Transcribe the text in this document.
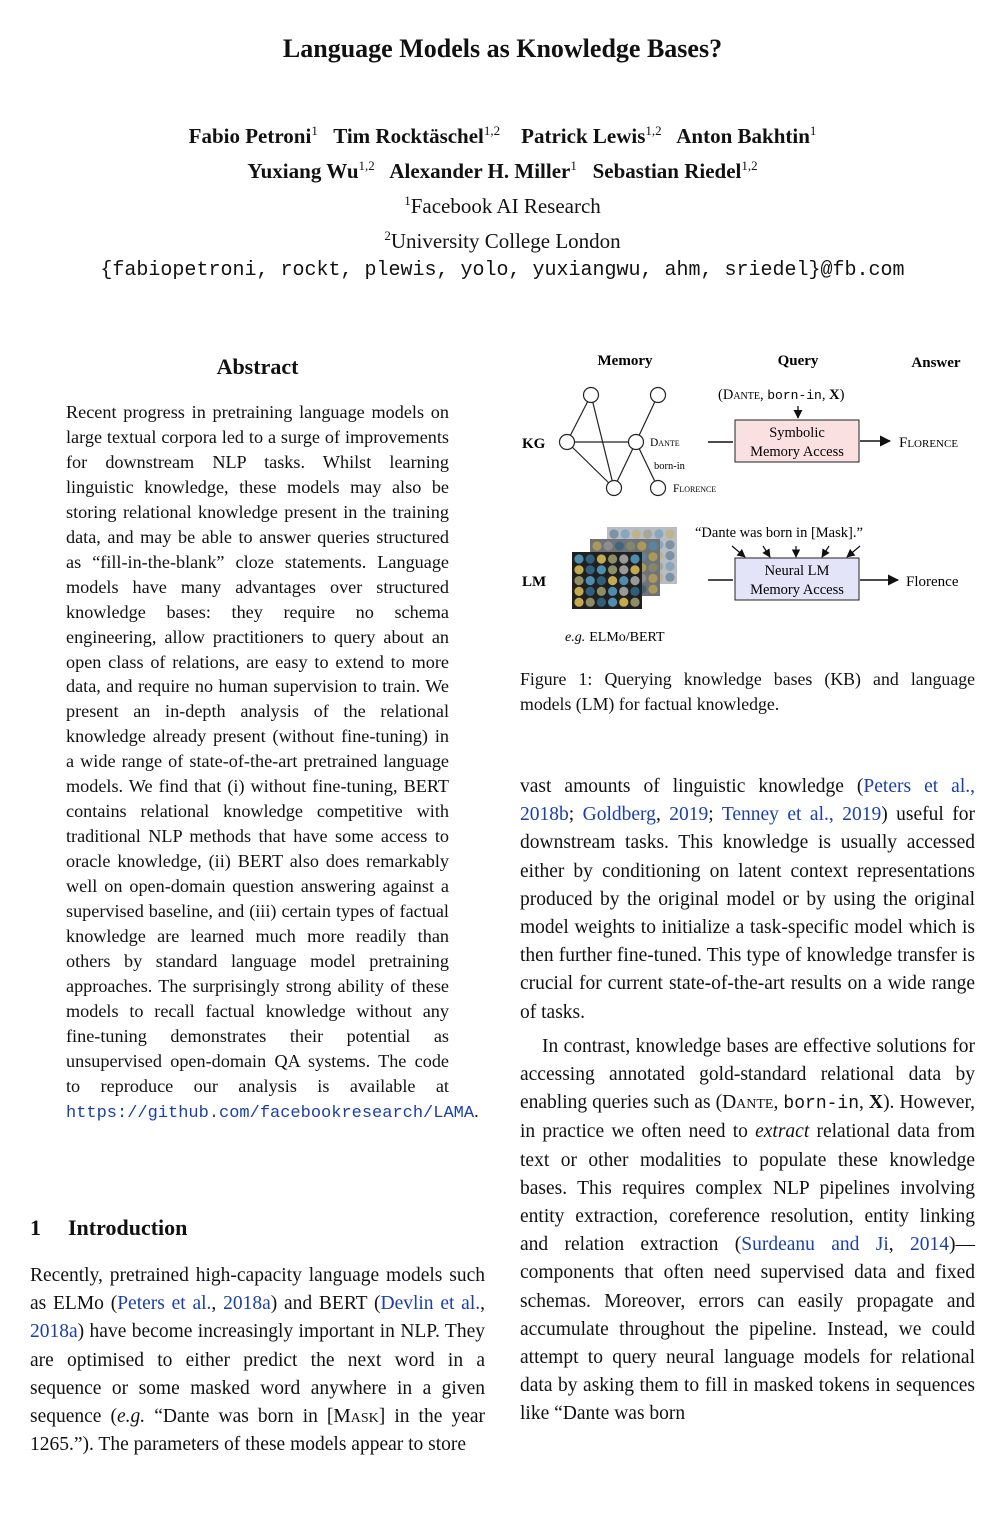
Language Models as Knowledge Bases?
Fabio Petroni$^1$ Tim Rocktäschel$^{1,2}$ Patrick Lewis$^{1,2}$ Anton Bakhtin$^1$
Yuxiang Wu$^{1,2}$ Alexander H. Miller$^1$ Sebastian Riedel$^{1,2}$
$^1$Facebook AI Research
$^2$University College London
{fabiopetroni, rockt, plewis, yolo, yuxiangwu, ahm, sriedel}@fb.com
Abstract
Recent progress in pretraining language models on large textual corpora led to a surge of improvements for downstream NLP tasks. Whilst learning linguistic knowledge, these models may also be storing relational knowledge present in the training data, and may be able to answer queries structured as “fill-in-the-blank” cloze statements. Language models have many advantages over structured knowledge bases: they require no schema engineering, allow practitioners to query about an open class of relations, are easy to extend to more data, and require no human supervision to train. We present an in-depth analysis of the relational knowledge already present (without fine-tuning) in a wide range of state-of-the-art pretrained language models. We find that (i) without fine-tuning, BERT contains relational knowledge competitive with traditional NLP methods that have some access to oracle knowledge, (ii) BERT also does remarkably well on open-domain question answering against a supervised baseline, and (iii) certain types of factual knowledge are learned much more readily than others by standard language model pretraining approaches. The surprisingly strong ability of these models to recall factual knowledge without any fine-tuning demonstrates their potential as unsupervised open-domain QA systems. The code to reproduce our analysis is available at https://github.com/facebookresearch/LAMA.
1 Introduction
Recently, pretrained high-capacity language models such as ELMo (Peters et al., 2018a) and BERT (Devlin et al., 2018a) have become increasingly important in NLP. They are optimised to either predict the next word in a sequence or some masked word anywhere in a given sequence (e.g. “Dante was born in [Mask] in the year 1265.”). The parameters of these models appear to store
Memory	Query	Answer
KG
LM
Dante
born-in
Florence
(Dante, born-in, X)
Symbolic
Memory Access
Florence
e.g. ELMo/BERT
“Dante was born in [Mask].”
Neural LM
Memory Access	Florence
Figure 1: Querying knowledge bases (KB) and language models (LM) for factual knowledge.

vast amounts of linguistic knowledge (Peters et al., 2018b; Goldberg, 2019; Tenney et al., 2019) useful for downstream tasks. This knowledge is usually accessed either by conditioning on latent context representations produced by the original model or by using the original model weights to initialize a task-specific model which is then further fine-tuned. This type of knowledge transfer is crucial for current state-of-the-art results on a wide range of tasks.

In contrast, knowledge bases are effective solutions for accessing annotated gold-standard relational data by enabling queries such as (Dante, born-in, X). However, in practice we often need to extract relational data from text or other modalities to populate these knowledge bases. This requires complex NLP pipelines involving entity extraction, coreference resolution, entity linking and relation extraction (Surdeanu and Ji, 2014)—components that often need supervised data and fixed schemas. Moreover, errors can easily propagate and accumulate throughout the pipeline. Instead, we could attempt to query neural language models for relational data by asking them to fill in masked tokens in sequences like “Dante was born
